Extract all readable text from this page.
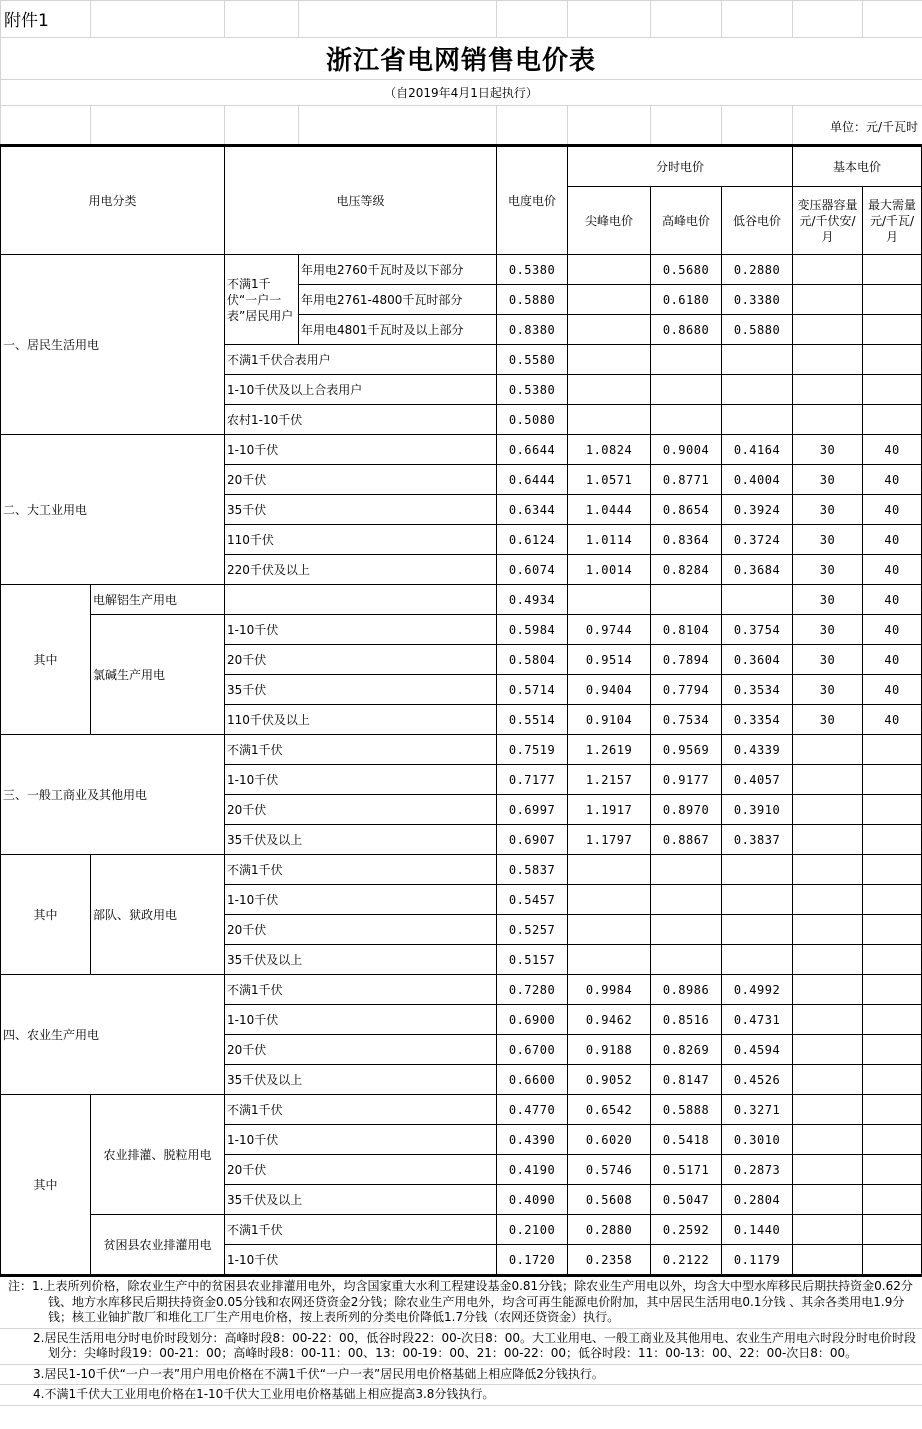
附件1
浙江省电网销售电价表
（自2019年4月1日起执行）
单位：元/千瓦时
用电分类		电压等级		电度电价	分时电价			基本电价	
					尖峰电价	高峰电价	低谷电价	变压器容量元/千伏安/月	最大需量元/千瓦/月
一、居民生活用电		不满1千伏“一户一表”居民用户	年用电2760千瓦时及以下部分	0.5380		0.5680	0.2880		
			年用电2761-4800千瓦时部分	0.5880		0.6180	0.3380		
			年用电4801千瓦时及以上部分	0.8380		0.8680	0.5880		
		不满1千伏合表用户		0.5580					
		1-10千伏及以上合表用户		0.5380					
		农村1-10千伏		0.5080					
二、大工业用电		1-10千伏		0.6644	1.0824	0.9004	0.4164	30	40
		20千伏		0.6444	1.0571	0.8771	0.4004	30	40
		35千伏		0.6344	1.0444	0.8654	0.3924	30	40
		110千伏		0.6124	1.0114	0.8364	0.3724	30	40
		220千伏及以上		0.6074	1.0014	0.8284	0.3684	30	40
其中	电解铝生产用电			0.4934				30	40
	氯碱生产用电	1-10千伏		0.5984	0.9744	0.8104	0.3754	30	40
		20千伏		0.5804	0.9514	0.7894	0.3604	30	40
		35千伏		0.5714	0.9404	0.7794	0.3534	30	40
		110千伏及以上		0.5514	0.9104	0.7534	0.3354	30	40
三、一般工商业及其他用电		不满1千伏		0.7519	1.2619	0.9569	0.4339		
		1-10千伏		0.7177	1.2157	0.9177	0.4057		
		20千伏		0.6997	1.1917	0.8970	0.3910		
		35千伏及以上		0.6907	1.1797	0.8867	0.3837		
其中	部队、狱政用电	不满1千伏		0.5837					
		1-10千伏		0.5457					
		20千伏		0.5257					
		35千伏及以上		0.5157					
四、农业生产用电		不满1千伏		0.7280	0.9984	0.8986	0.4992		
		1-10千伏		0.6900	0.9462	0.8516	0.4731		
		20千伏		0.6700	0.9188	0.8269	0.4594		
		35千伏及以上		0.6600	0.9052	0.8147	0.4526		
其中	农业排灌、脱粒用电	不满1千伏		0.4770	0.6542	0.5888	0.3271		
		1-10千伏		0.4390	0.6020	0.5418	0.3010		
		20千伏		0.4190	0.5746	0.5171	0.2873		
		35千伏及以上		0.4090	0.5608	0.5047	0.2804		
	贫困县农业排灌用电	不满1千伏		0.2100	0.2880	0.2592	0.1440		
		1-10千伏		0.1720	0.2358	0.2122	0.1179		
注：1.上表所列价格，除农业生产中的贫困县农业排灌用电外，均含国家重大水利工程建设基金0.81分钱；除农业生产用电以外，均含大中型水库移民后期扶持资金0.62分钱、地方水库移民后期扶持资金0.05分钱和农网还贷资金2分钱；除农业生产用电外，均含可再生能源电价附加，其中居民生活用电0.1分钱 、其余各类用电1.9分钱；核工业铀扩散厂和堆化工厂生产用电价格，按上表所列的分类电价降低1.7分钱（农网还贷资金）执行。
2.居民生活用电分时电价时段划分：高峰时段8：00-22：00，低谷时段22：00-次日8：00。大工业用电、一般工商业及其他用电、农业生产用电六时段分时电价时段划分：尖峰时段19：00-21：00；高峰时段8：00-11：00、13：00-19：00、21：00-22：00；低谷时段：11：00-13：00、22：00-次日8：00。
3.居民1-10千伏“一户一表”用户用电价格在不满1千伏“一户一表”居民用电价格基础上相应降低2分钱执行。
4.不满1千伏大工业用电价格在1-10千伏大工业用电价格基础上相应提高3.8分钱执行。
